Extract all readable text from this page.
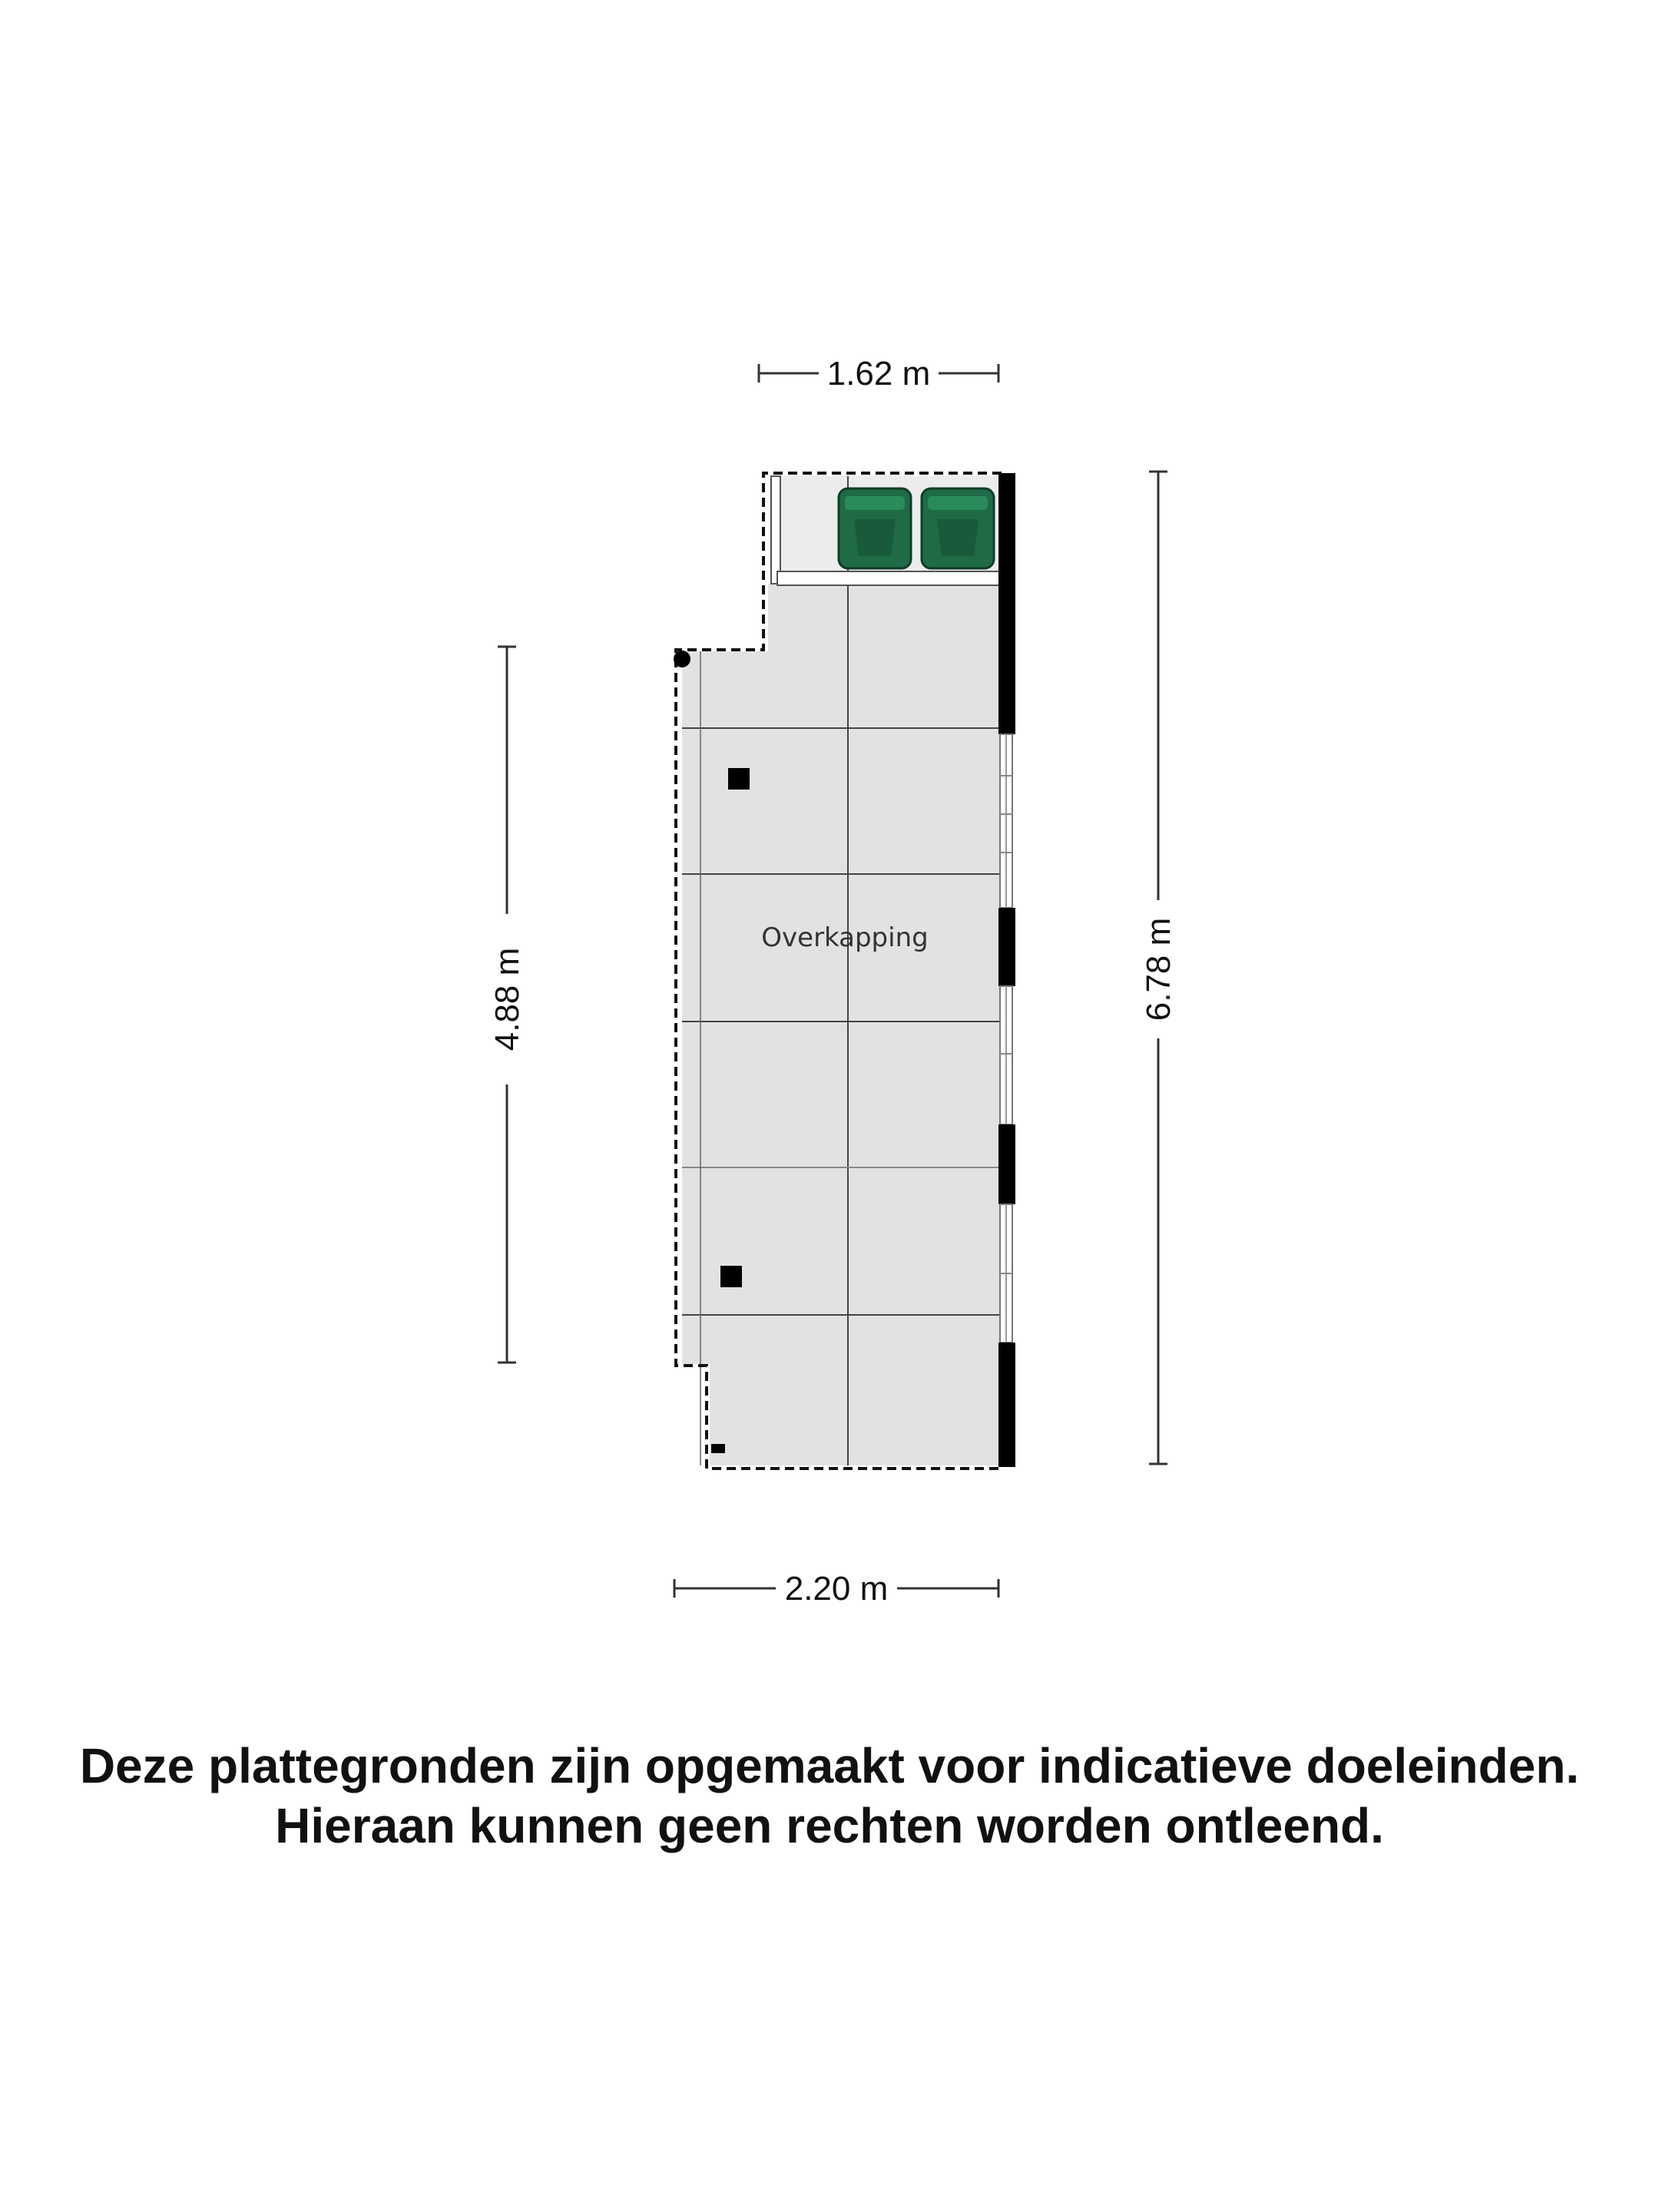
Overkapping
1.62 m
2.20 m
4.88 m	6.78 m

Deze plattegronden zijn opgemaakt voor indicatieve doeleinden.

Hieraan kunnen geen rechten worden ontleend.
